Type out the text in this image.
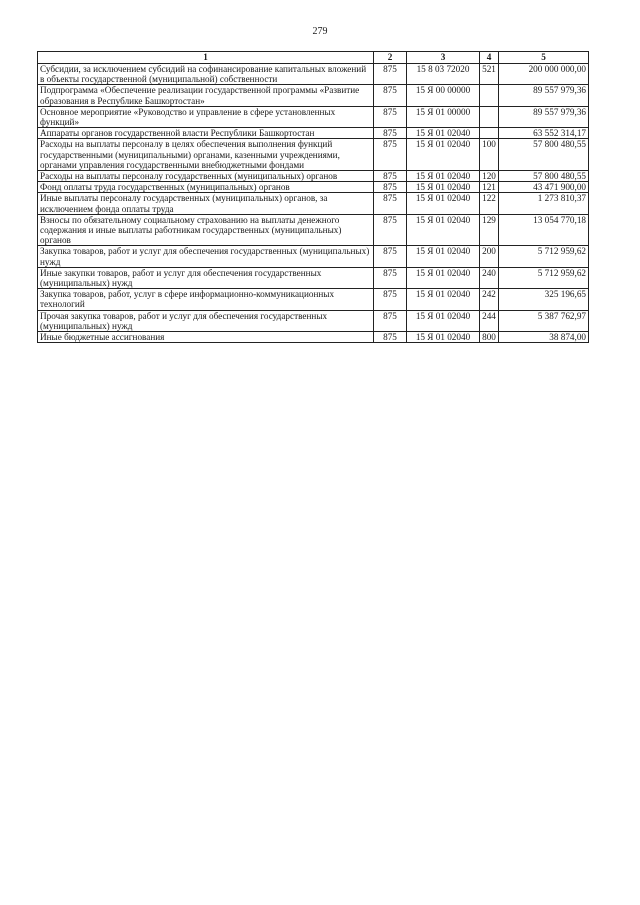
279
1	2	3	4	5
Субсидии, за исключением субсидий на софинансирование капитальных вложений в объекты государственной (муниципальной) собственности	875	15 8 03 72020	521	200 000 000,00
Подпрограмма «Обеспечение реализации государственной программы «Развитие образования в Республике Башкортостан»	875	15 Я 00 00000		89 557 979,36
Основное мероприятие «Руководство и управление в сфере установленных функций»	875	15 Я 01 00000		89 557 979,36
Аппараты органов государственной власти Республики Башкортостан	875	15 Я 01 02040		63 552 314,17
Расходы на выплаты персоналу в целях обеспечения выполнения функций государственными (муниципальными) органами, казенными учреждениями, органами управления государственными внебюджетными фондами	875	15 Я 01 02040	100	57 800 480,55
Расходы на выплаты персоналу государственных (муниципальных) органов	875	15 Я 01 02040	120	57 800 480,55
Фонд оплаты труда государственных (муниципальных) органов	875	15 Я 01 02040	121	43 471 900,00
Иные выплаты персоналу государственных (муниципальных) органов, за исключением фонда оплаты труда	875	15 Я 01 02040	122	1 273 810,37
Взносы по обязательному социальному страхованию на выплаты денежного содержания и иные выплаты работникам государственных (муниципальных) органов	875	15 Я 01 02040	129	13 054 770,18
Закупка товаров, работ и услуг для обеспечения государственных (муниципальных) нужд	875	15 Я 01 02040	200	5 712 959,62
Иные закупки товаров, работ и услуг для обеспечения государственных (муниципальных) нужд	875	15 Я 01 02040	240	5 712 959,62
Закупка товаров, работ, услуг в сфере информационно-коммуникационных технологий	875	15 Я 01 02040	242	325 196,65
Прочая закупка товаров, работ и услуг для обеспечения государственных (муниципальных) нужд	875	15 Я 01 02040	244	5 387 762,97
Иные бюджетные ассигнования	875	15 Я 01 02040	800	38 874,00
